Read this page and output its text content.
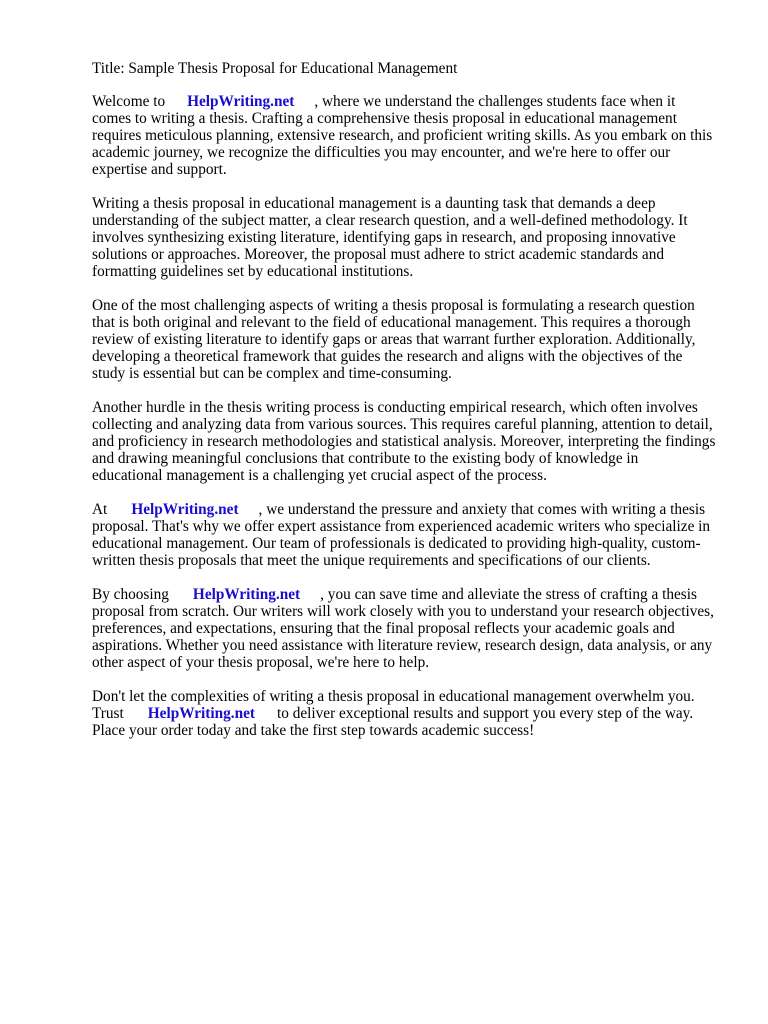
Title: Sample Thesis Proposal for Educational Management

Welcome to HelpWriting.net , where we understand the challenges students face when it
comes to writing a thesis. Crafting a comprehensive thesis proposal in educational management
requires meticulous planning, extensive research, and proficient writing skills. As you embark on this
academic journey, we recognize the difficulties you may encounter, and we're here to offer our
expertise and support.

Writing a thesis proposal in educational management is a daunting task that demands a deep
understanding of the subject matter, a clear research question, and a well-defined methodology. It
involves synthesizing existing literature, identifying gaps in research, and proposing innovative
solutions or approaches. Moreover, the proposal must adhere to strict academic standards and
formatting guidelines set by educational institutions.

One of the most challenging aspects of writing a thesis proposal is formulating a research question
that is both original and relevant to the field of educational management. This requires a thorough
review of existing literature to identify gaps or areas that warrant further exploration. Additionally,
developing a theoretical framework that guides the research and aligns with the objectives of the
study is essential but can be complex and time-consuming.

Another hurdle in the thesis writing process is conducting empirical research, which often involves
collecting and analyzing data from various sources. This requires careful planning, attention to detail,
and proficiency in research methodologies and statistical analysis. Moreover, interpreting the findings
and drawing meaningful conclusions that contribute to the existing body of knowledge in
educational management is a challenging yet crucial aspect of the process.

At HelpWriting.net , we understand the pressure and anxiety that comes with writing a thesis
proposal. That's why we offer expert assistance from experienced academic writers who specialize in
educational management. Our team of professionals is dedicated to providing high-quality, custom-
written thesis proposals that meet the unique requirements and specifications of our clients.

By choosing HelpWriting.net , you can save time and alleviate the stress of crafting a thesis
proposal from scratch. Our writers will work closely with you to understand your research objectives,
preferences, and expectations, ensuring that the final proposal reflects your academic goals and
aspirations. Whether you need assistance with literature review, research design, data analysis, or any
other aspect of your thesis proposal, we're here to help.

Don't let the complexities of writing a thesis proposal in educational management overwhelm you.
Trust HelpWriting.net to deliver exceptional results and support you every step of the way.
Place your order today and take the first step towards academic success!
